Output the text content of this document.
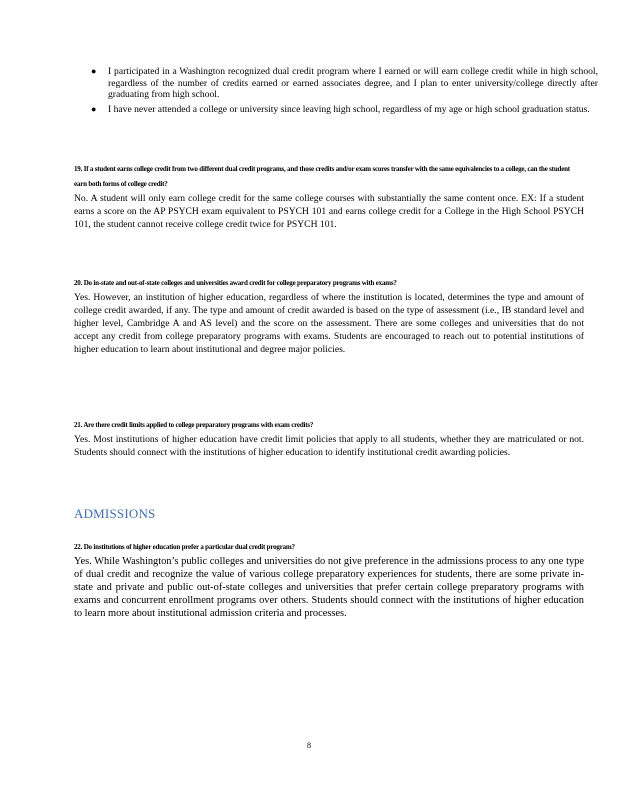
● I participated in a Washington recognized dual credit program where I earned or will earn college credit while in high school, regardless of the number of credits earned or earned associates degree, and I plan to enter university/college directly after graduating from high school.
● I have never attended a college or university since leaving high school, regardless of my age or high school graduation status.
19. If a student earns college credit from two different dual credit programs, and those credits and/or exam scores transfer with the same equivalencies to a college, can the student earn both forms of college credit?
No. A student will only earn college credit for the same college courses with substantially the same content once. EX: If a student earns a score on the AP PSYCH exam equivalent to PSYCH 101 and earns college credit for a College in the High School PSYCH 101, the student cannot receive college credit twice for PSYCH 101.
20. Do in-state and out-of-state colleges and universities award credit for college preparatory programs with exams?
Yes. However, an institution of higher education, regardless of where the institution is located, determines the type and amount of college credit awarded, if any. The type and amount of credit awarded is based on the type of assessment (i.e., IB standard level and higher level, Cambridge A and AS level) and the score on the assessment. There are some colleges and universities that do not accept any credit from college preparatory programs with exams. Students are encouraged to reach out to potential institutions of higher education to learn about institutional and degree major policies.
21. Are there credit limits applied to college preparatory programs with exam credits?
Yes. Most institutions of higher education have credit limit policies that apply to all students, whether they are matriculated or not. Students should connect with the institutions of higher education to identify institutional credit awarding policies.
ADMISSIONS
22. Do institutions of higher education prefer a particular dual credit program?
Yes. While Washington’s public colleges and universities do not give preference in the admissions process to any one type of dual credit and recognize the value of various college preparatory experiences for students, there are some private in-state and private and public out-of-state colleges and universities that prefer certain college preparatory programs with exams and concurrent enrollment programs over others. Students should connect with the institutions of higher education to learn more about institutional admission criteria and processes.
8
